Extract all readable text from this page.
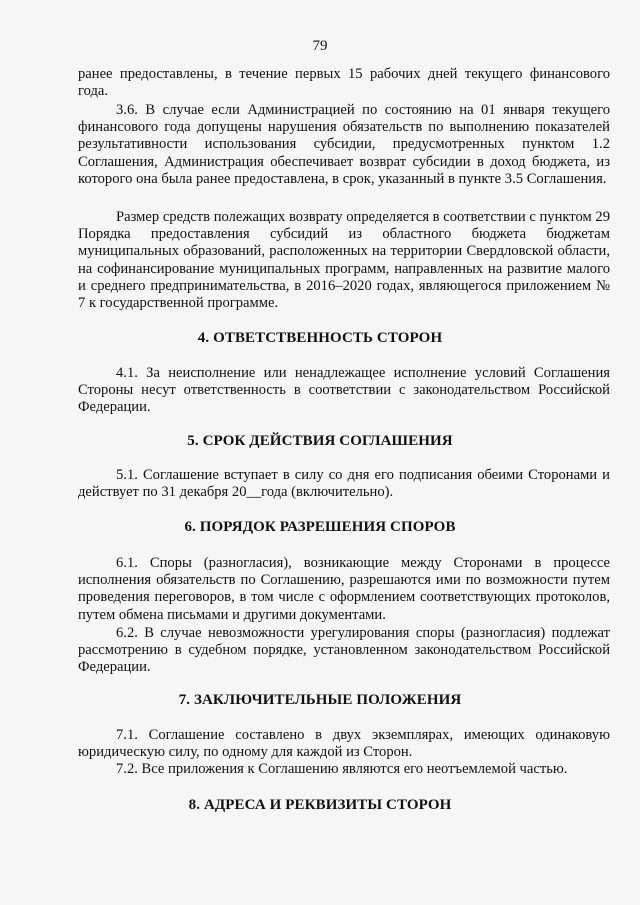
79

ранее предоставлены, в течение первых 15 рабочих дней текущего финансового года.

3.6. В случае если Администрацией по состоянию на 01 января текущего финансового года допущены нарушения обязательств по выполнению показателей результативности использования субсидии, предусмотренных пунктом 1.2 Соглашения, Администрация обеспечивает возврат субсидии в доход бюджета, из которого она была ранее предоставлена, в срок, указанный в пункте 3.5 Соглашения.

Размер средств полежащих возврату определяется в соответствии с пунктом 29 Порядка предоставления субсидий из областного бюджета бюджетам муниципальных образований, расположенных на территории Свердловской области, на софинансирование муниципальных программ, направленных на развитие малого и среднего предпринимательства, в 2016–2020 годах, являющегося приложением № 7 к государственной программе.

4. ОТВЕТСТВЕННОСТЬ СТОРОН

4.1. За неисполнение или ненадлежащее исполнение условий Соглашения Стороны несут ответственность в соответствии с законодательством Российской Федерации.

5. СРОК ДЕЙСТВИЯ СОГЛАШЕНИЯ

5.1. Соглашение вступает в силу со дня его подписания обеими Сторонами и действует по 31 декабря 20__года (включительно).

6. ПОРЯДОК РАЗРЕШЕНИЯ СПОРОВ

6.1. Споры (разногласия), возникающие между Сторонами в процессе исполнения обязательств по Соглашению, разрешаются ими по возможности путем проведения переговоров, в том числе с оформлением соответствующих протоколов, путем обмена письмами и другими документами.

6.2. В случае невозможности урегулирования споры (разногласия) подлежат рассмотрению в судебном порядке, установленном законодательством Российской Федерации.

7. ЗАКЛЮЧИТЕЛЬНЫЕ ПОЛОЖЕНИЯ

7.1. Соглашение составлено в двух экземплярах, имеющих одинаковую юридическую силу, по одному для каждой из Сторон.

7.2. Все приложения к Соглашению являются его неотъемлемой частью.

8. АДРЕСА И РЕКВИЗИТЫ СТОРОН
